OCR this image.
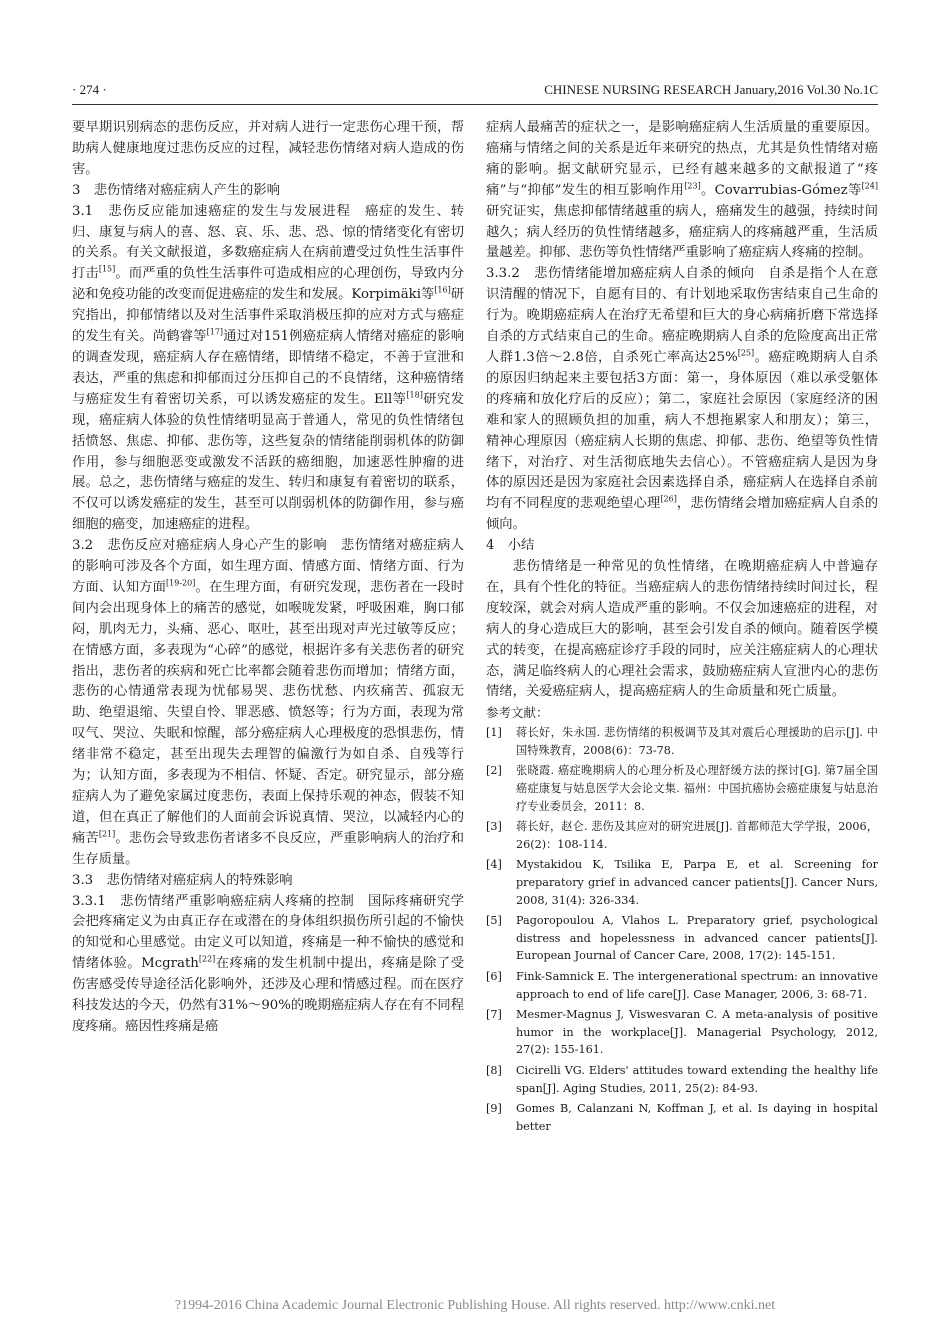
· 274 ·	CHINESE NURSING RESEARCH January,2016 Vol.30 No.1C

要早期识别病态的悲伤反应，并对病人进行一定悲伤心理干预，帮助病人健康地度过悲伤反应的过程，减轻悲伤情绪对病人造成的伤害。

3　悲伤情绪对癌症病人产生的影响

3.1　悲伤反应能加速癌症的发生与发展进程　癌症的发生、转归、康复与病人的喜、怒、哀、乐、悲、恐、惊的情绪变化有密切的关系。有关文献报道，多数癌症病人在病前遭受过负性生活事件打击[15]。而严重的负性生活事件可造成相应的心理创伤，导致内分泌和免疫功能的改变而促进癌症的发生和发展。Korpimäki等[16]研究指出，抑郁情绪以及对生活事件采取消极压抑的应对方式与癌症的发生有关。尚鹤睿等[17]通过对151例癌症病人情绪对癌症的影响的调查发现，癌症病人存在癌情绪，即情绪不稳定，不善于宣泄和表达，严重的焦虑和抑郁而过分压抑自己的不良情绪，这种癌情绪与癌症发生有着密切关系，可以诱发癌症的发生。Ell等[18]研究发现，癌症病人体验的负性情绪明显高于普通人，常见的负性情绪包括愤怒、焦虑、抑郁、悲伤等，这些复杂的情绪能削弱机体的防御作用，参与细胞恶变或激发不活跃的癌细胞，加速恶性肿瘤的进展。总之，悲伤情绪与癌症的发生、转归和康复有着密切的联系，不仅可以诱发癌症的发生，甚至可以削弱机体的防御作用，参与癌细胞的癌变，加速癌症的进程。

3.2　悲伤反应对癌症病人身心产生的影响　悲伤情绪对癌症病人的影响可涉及各个方面，如生理方面、情感方面、情绪方面、行为方面、认知方面[19-20]。在生理方面，有研究发现，悲伤者在一段时间内会出现身体上的痛苦的感觉，如喉咙发紧，呼吸困难，胸口郁闷，肌肉无力，头痛、恶心、呕吐，甚至出现对声光过敏等反应；在情感方面，多表现为“心碎”的感觉，根据许多有关悲伤者的研究指出，悲伤者的疾病和死亡比率都会随着悲伤而增加；情绪方面，悲伤的心情通常表现为忧郁易哭、悲伤忧愁、内疚痛苦、孤寂无助、绝望退缩、失望自怜、罪恶感、愤怒等；行为方面，表现为常叹气、哭泣、失眠和惊醒，部分癌症病人心理极度的恐惧悲伤，情绪非常不稳定，甚至出现失去理智的偏激行为如自杀、自残等行为；认知方面，多表现为不相信、怀疑、否定。研究显示，部分癌症病人为了避免家属过度悲伤，表面上保持乐观的神态，假装不知道，但在真正了解他们的人面前会诉说真情、哭泣，以减轻内心的痛苦[21]。悲伤会导致悲伤者诸多不良反应，严重影响病人的治疗和生存质量。

3.3　悲伤情绪对癌症病人的特殊影响

3.3.1　悲伤情绪严重影响癌症病人疼痛的控制　国际疼痛研究学会把疼痛定义为由真正存在或潜在的身体组织损伤所引起的不愉快的知觉和心里感觉。由定义可以知道，疼痛是一种不愉快的感觉和情绪体验。Mcgrath[22]在疼痛的发生机制中提出，疼痛是除了受伤害感受传导途径活化影响外，还涉及心理和情感过程。而在医疗科技发达的今天，仍然有31%～90%的晚期癌症病人存在有不同程度疼痛。癌因性疼痛是癌

症病人最痛苦的症状之一，是影响癌症病人生活质量的重要原因。癌痛与情绪之间的关系是近年来研究的热点，尤其是负性情绪对癌痛的影响。据文献研究显示，已经有越来越多的文献报道了“疼痛”与“抑郁”发生的相互影响作用[23]。Covarrubias-Gómez等[24]研究证实，焦虑抑郁情绪越重的病人，癌痛发生的越强，持续时间越久；病人经历的负性情绪越多，癌症病人的疼痛越严重，生活质量越差。抑郁、悲伤等负性情绪严重影响了癌症病人疼痛的控制。

3.3.2　悲伤情绪能增加癌症病人自杀的倾向　自杀是指个人在意识清醒的情况下，自愿有目的、有计划地采取伤害结束自己生命的行为。晚期癌症病人在治疗无希望和巨大的身心病痛折磨下常选择自杀的方式结束自己的生命。癌症晚期病人自杀的危险度高出正常人群1.3倍～2.8倍，自杀死亡率高达25%[25]。癌症晚期病人自杀的原因归纳起来主要包括3方面：第一，身体原因（难以承受躯体的疼痛和放化疗后的反应）；第二，家庭社会原因（家庭经济的困难和家人的照顾负担的加重，病人不想拖累家人和朋友）；第三，精神心理原因（癌症病人长期的焦虑、抑郁、悲伤、绝望等负性情绪下，对治疗、对生活彻底地失去信心）。不管癌症病人是因为身体的原因还是因为家庭社会因素选择自杀，癌症病人在选择自杀前均有不同程度的悲观绝望心理[26]，悲伤情绪会增加癌症病人自杀的倾向。

4　小结

悲伤情绪是一种常见的负性情绪，在晚期癌症病人中普遍存在，具有个性化的特征。当癌症病人的悲伤情绪持续时间过长，程度较深，就会对病人造成严重的影响。不仅会加速癌症的进程，对病人的身心造成巨大的影响，甚至会引发自杀的倾向。随着医学模式的转变，在提高癌症诊疗手段的同时，应关注癌症病人的心理状态，满足临终病人的心理社会需求，鼓励癌症病人宣泄内心的悲伤情绪，关爱癌症病人，提高癌症病人的生命质量和死亡质量。

参考文献：

[1]	蒋长好，朱永国. 悲伤情绪的积极调节及其对震后心理援助的启示[J]. 中国特殊教育，2008(6)：73-78.
[2]	张晓霞. 癌症晚期病人的心理分析及心理舒缓方法的探讨[G]. 第7届全国癌症康复与姑息医学大会论文集. 福州：中国抗癌协会癌症康复与姑息治疗专业委员会，2011：8.
[3]	蒋长好，赵仑. 悲伤及其应对的研究进展[J]. 首都师范大学学报，2006，26(2)：108-114.
[4]	Mystakidou K, Tsilika E, Parpa E, et al. Screening for preparatory grief in advanced cancer patients[J]. Cancer Nurs, 2008, 31(4): 326-334.
[5]	Pagoropoulou A, Vlahos L. Preparatory grief, psychological distress and hopelessness in advanced cancer patients[J]. European Journal of Cancer Care, 2008, 17(2): 145-151.
[6]	Fink-Samnick E. The intergenerational spectrum: an innovative approach to end of life care[J]. Case Manager, 2006, 3: 68-71.
[7]	Mesmer-Magnus J, Viswesvaran C. A meta-analysis of positive humor in the workplace[J]. Managerial Psychology, 2012, 27(2): 155-161.
[8]	Cicirelli VG. Elders' attitudes toward extending the healthy life span[J]. Aging Studies, 2011, 25(2): 84-93.
[9]	Gomes B, Calanzani N, Koffman J, et al. Is daying in hospital better
?1994-2016 China Academic Journal Electronic Publishing House. All rights reserved. http://www.cnki.net
